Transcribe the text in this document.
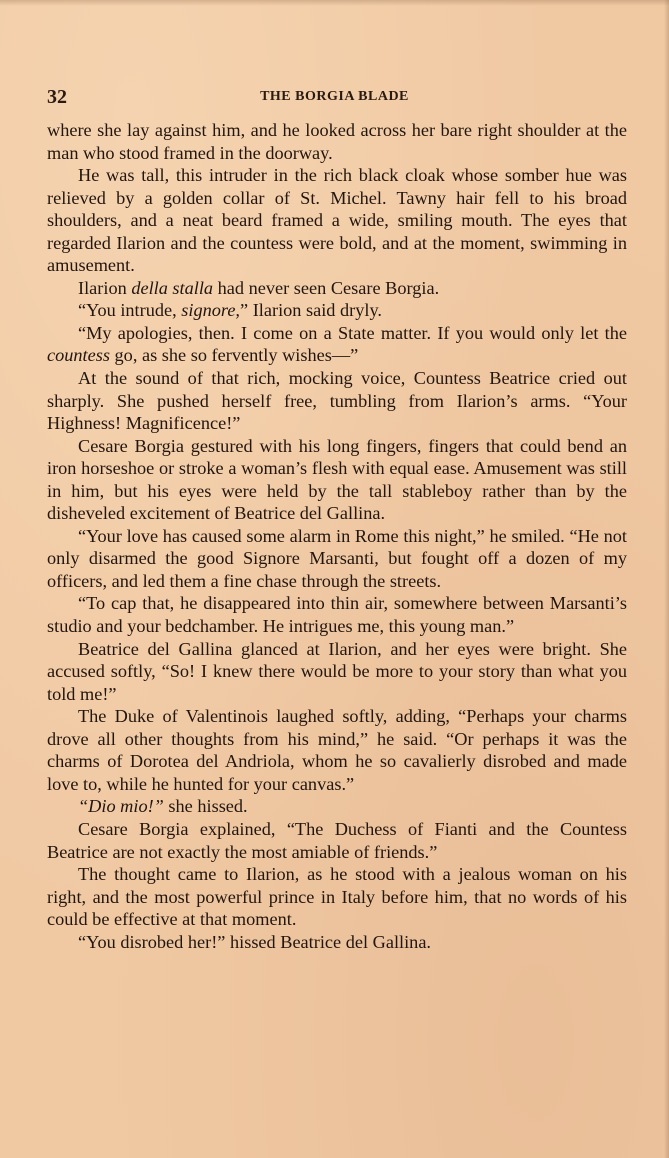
32	THE BORGIA BLADE

where she lay against him, and he looked across her bare right shoulder at the man who stood framed in the doorway.

He was tall, this intruder in the rich black cloak whose somber hue was relieved by a golden collar of St. Michel. Tawny hair fell to his broad shoulders, and a neat beard framed a wide, smiling mouth. The eyes that regarded Ilarion and the countess were bold, and at the moment, swimming in amusement.

Ilarion della stalla had never seen Cesare Borgia.

“You intrude, signore,” Ilarion said dryly.

“My apologies, then. I come on a State matter. If you would only let the countess go, as she so fervently wishes—”

At the sound of that rich, mocking voice, Countess Beatrice cried out sharply. She pushed herself free, tumbling from Ilarion’s arms. “Your Highness! Magnificence!”

Cesare Borgia gestured with his long fingers, fingers that could bend an iron horseshoe or stroke a woman’s flesh with equal ease. Amusement was still in him, but his eyes were held by the tall stableboy rather than by the disheveled excitement of Beatrice del Gallina.

“Your love has caused some alarm in Rome this night,” he smiled. “He not only disarmed the good Signore Marsanti, but fought off a dozen of my officers, and led them a fine chase through the streets.

“To cap that, he disappeared into thin air, somewhere between Marsanti’s studio and your bedchamber. He intrigues me, this young man.”

Beatrice del Gallina glanced at Ilarion, and her eyes were bright. She accused softly, “So! I knew there would be more to your story than what you told me!”

The Duke of Valentinois laughed softly, adding, “Perhaps your charms drove all other thoughts from his mind,” he said. “Or perhaps it was the charms of Dorotea del Andriola, whom he so cavalierly disrobed and made love to, while he hunted for your canvas.”

“Dio mio!” she hissed.

Cesare Borgia explained, “The Duchess of Fianti and the Countess Beatrice are not exactly the most amiable of friends.”

The thought came to Ilarion, as he stood with a jealous woman on his right, and the most powerful prince in Italy before him, that no words of his could be effective at that moment.

“You disrobed her!” hissed Beatrice del Gallina.
